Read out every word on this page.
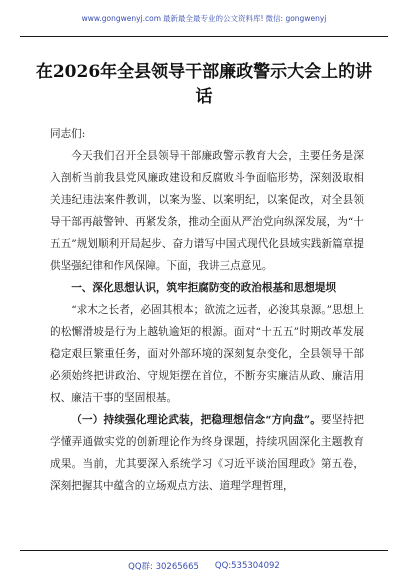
www.gongwenyj.com 最新最全最专业的公文资料库! 微信: gongwenyj
在2026年全县领导干部廉政警示大会上的讲话

同志们:

今天我们召开全县领导干部廉政警示教育大会，主要任务是深入剖析当前我县党风廉政建设和反腐败斗争面临形势，深刻汲取相关违纪违法案件教训，以案为鉴、以案明纪，以案促改，对全县领导干部再敲警钟、再紧发条，推动全面从严治党向纵深发展，为“十五五”规划顺利开局起步、奋力谱写中国式现代化县域实践新篇章提供坚强纪律和作风保障。下面，我讲三点意见。

一、深化思想认识，筑牢拒腐防变的政治根基和思想堤坝

“求木之长者，必固其根本；欲流之远者，必浚其泉源。”思想上的松懈滑坡是行为上越轨逾矩的根源。面对“十五五”时期改革发展稳定艰巨繁重任务，面对外部环境的深刻复杂变化，全县领导干部必须始终把讲政治、守规矩摆在首位，不断夯实廉洁从政、廉洁用权、廉洁干事的坚固根基。

（一）持续强化理论武装，把稳理想信念“方向盘”。要坚持把学懂弄通做实党的创新理论作为终身课题，持续巩固深化主题教育成果。当前，尤其要深入系统学习《习近平谈治国理政》第五卷，深刻把握其中蕴含的立场观点方法、道理学理哲理，

QQ群: 30265665 QQ:535304092
